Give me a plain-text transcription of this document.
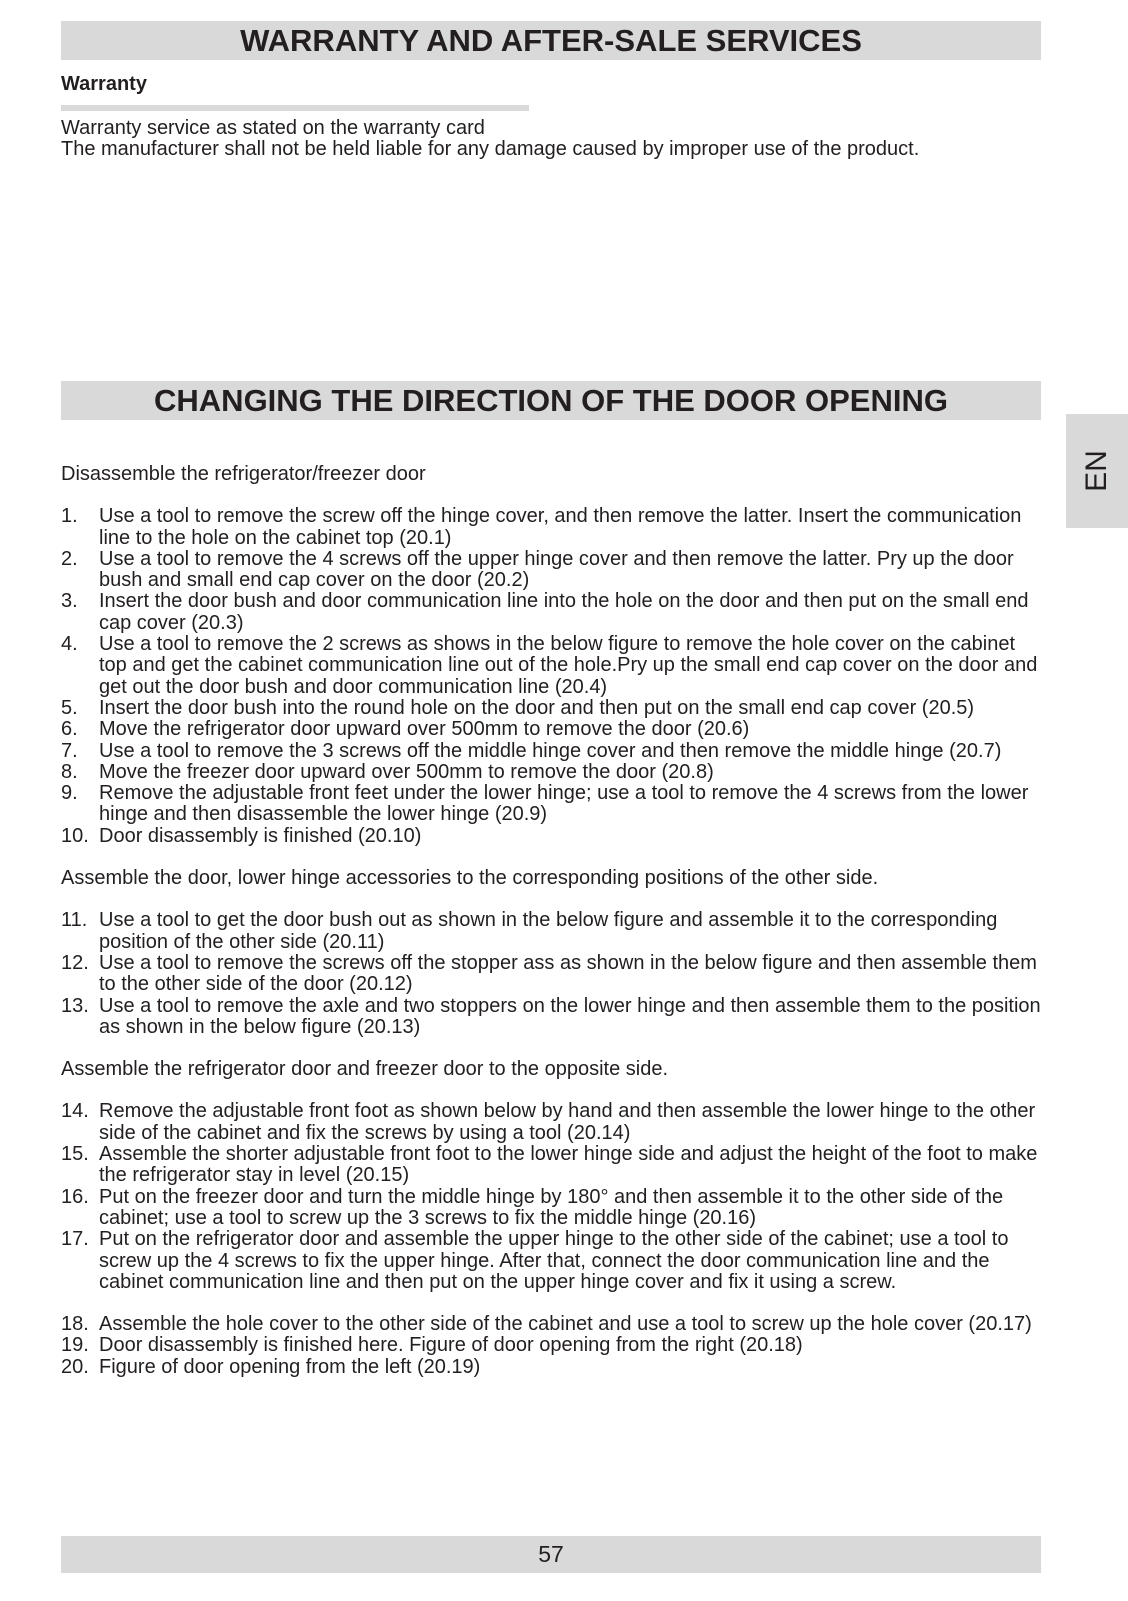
WARRANTY AND AFTER-SALE SERVICES
Warranty
Warranty service as stated on the warranty card
The manufacturer shall not be held liable for any damage caused by improper use of the product.
CHANGING THE DIRECTION OF THE DOOR OPENING
EN

Disassemble the refrigerator/freezer door

1.	Use a tool to remove the screw off the hinge cover, and then remove the latter. Insert the communication line to the hole on the cabinet top (20.1)
2.	Use a tool to remove the 4 screws off the upper hinge cover and then remove the latter. Pry up the door bush and small end cap cover on the door (20.2)
3.	Insert the door bush and door communication line into the hole on the door and then put on the small end cap cover (20.3)
4.	Use a tool to remove the 2 screws as shows in the below figure to remove the hole cover on the cabinet top and get the cabinet communication line out of the hole.Pry up the small end cap cover on the door and get out the door bush and door communication line (20.4)
5.	Insert the door bush into the round hole on the door and then put on the small end cap cover (20.5)
6.	Move the refrigerator door upward over 500mm to remove the door (20.6)
7.	Use a tool to remove the 3 screws off the middle hinge cover and then remove the middle hinge (20.7)
8.	Move the freezer door upward over 500mm to remove the door (20.8)
9.	Remove the adjustable front feet under the lower hinge; use a tool to remove the 4 screws from the lower hinge and then disassemble the lower hinge (20.9)
10. Door disassembly is finished (20.10)

Assemble the door, lower hinge accessories to the corresponding positions of the other side.

11. Use a tool to get the door bush out as shown in the below figure and assemble it to the corresponding position of the other side (20.11)
12. Use a tool to remove the screws off the stopper ass as shown in the below figure and then assemble them to the other side of the door (20.12)
13. Use a tool to remove the axle and two stoppers on the lower hinge and then assemble them to the position as shown in the below figure (20.13)

Assemble the refrigerator door and freezer door to the opposite side.

14. Remove the adjustable front foot as shown below by hand and then assemble the lower hinge to the other side of the cabinet and fix the screws by using a tool (20.14)
15. Assemble the shorter adjustable front foot to the lower hinge side and adjust the height of the foot to make the refrigerator stay in level (20.15)
16. Put on the freezer door and turn the middle hinge by 180° and then assemble it to the other side of the cabinet; use a tool to screw up the 3 screws to fix the middle hinge (20.16)
17. Put on the refrigerator door and assemble the upper hinge to the other side of the cabinet; use a tool to screw up the 4 screws to fix the upper hinge. After that, connect the door communication line and the cabinet communication line and then put on the upper hinge cover and fix it using a screw.
18. Assemble the hole cover to the other side of the cabinet and use a tool to screw up the hole cover (20.17)
19. Door disassembly is finished here. Figure of door opening from the right (20.18)
20. Figure of door opening from the left (20.19)
57
